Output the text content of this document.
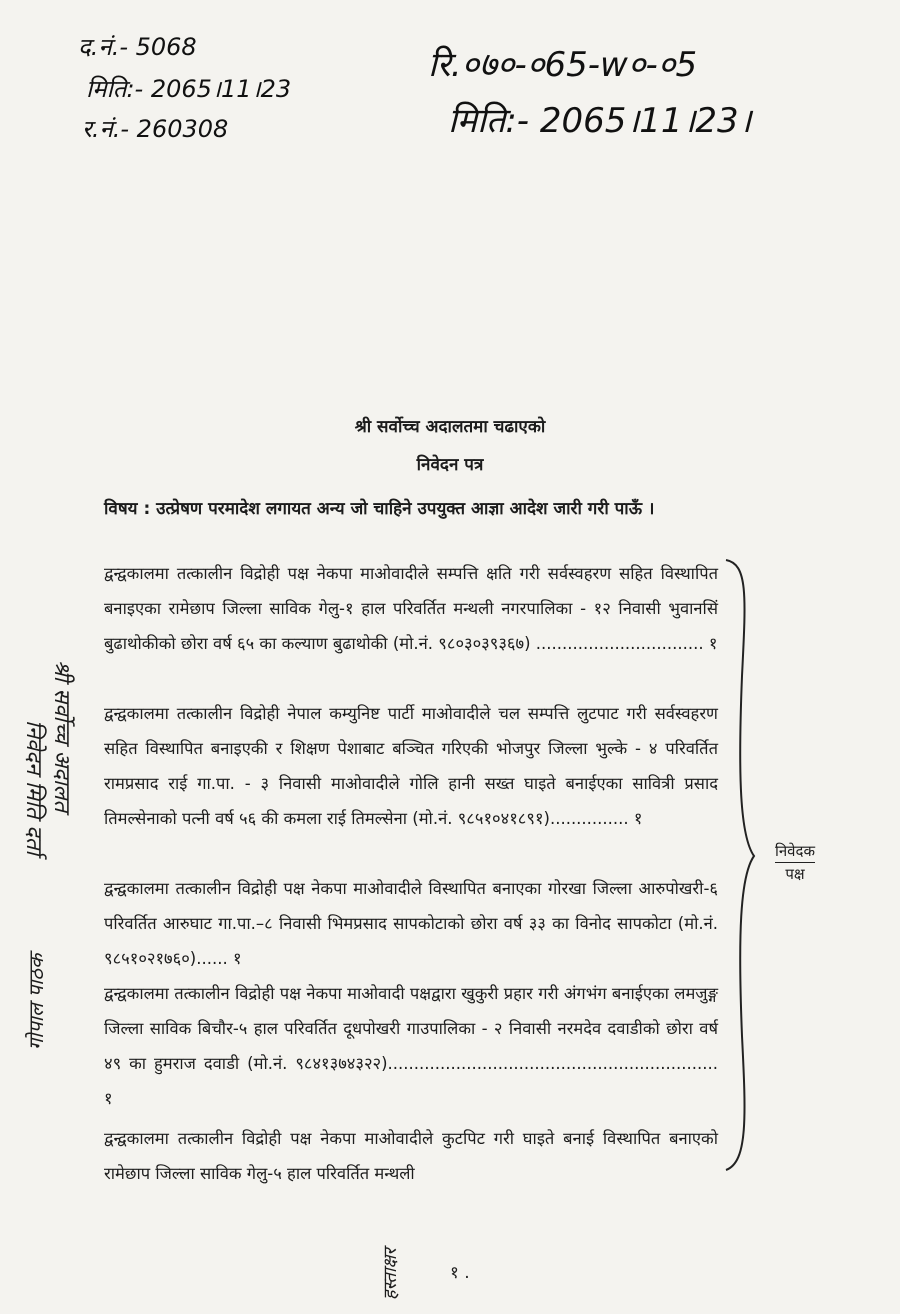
द.नं.- 5068
मिति:- 2065।11।23
र.नं.- 260308
रि.०७०-०65-w०-०5
मिति:- 2065।11।23।
श्री सर्वोच्च अदालतमा चढाएको
निवेदन पत्र
विषय : उत्प्रेषण परमादेश लगायत अन्य जो चाहिने उपयुक्त आज्ञा आदेश जारी गरी पाऊँ ।
द्वन्द्वकालमा तत्कालीन विद्रोही पक्ष नेकपा माओवादीले सम्पत्ति क्षति गरी सर्वस्वहरण सहित विस्थापित बनाइएका रामेछाप जिल्ला साविक गेलु-१ हाल परिवर्तित मन्थली नगरपालिका - १२ निवासी भुवानसिं बुढाथोकीको छोरा वर्ष ६५ का कल्याण बुढाथोकी (मो.नं. ९८०३०३९३६७) ................................ १
द्वन्द्वकालमा तत्कालीन विद्रोही नेपाल कम्युनिष्ट पार्टी माओवादीले चल सम्पत्ति लुटपाट गरी सर्वस्वहरण सहित विस्थापित बनाइएकी र शिक्षण पेशाबाट बञ्चित गरिएकी भोजपुर जिल्ला भुल्के - ४ परिवर्तित रामप्रसाद राई गा.पा. - ३ निवासी माओवादीले गोलि हानी सख्त घाइते बनाईएका सावित्री प्रसाद तिमल्सेनाको पत्नी वर्ष ५६ की कमला राई तिमल्सेना (मो.नं. ९८५१०४१८९१)............... १
द्वन्द्वकालमा तत्कालीन विद्रोही पक्ष नेकपा माओवादीले विस्थापित बनाएका गोरखा जिल्ला आरुपोखरी-६ परिवर्तित आरुघाट गा.पा.–८ निवासी भिमप्रसाद सापकोटाको छोरा वर्ष ३३ का विनोद सापकोटा (मो.नं. ९८५१०२१७६०)...... १
द्वन्द्वकालमा तत्कालीन विद्रोही पक्ष नेकपा माओवादी पक्षद्वारा खुकुरी प्रहार गरी अंगभंग बनाईएका लमजुङ्ग जिल्ला साविक बिचौर-५ हाल परिवर्तित दूधपोखरी गाउपालिका - २ निवासी नरमदेव दवाडीको छोरा वर्ष ४९ का हुमराज दवाडी (मो.नं. ९८४१३७४३२२)............................................................... १
द्वन्द्वकालमा तत्कालीन विद्रोही पक्ष नेकपा माओवादीले कुटपिट गरी घाइते बनाई विस्थापित बनाएको रामेछाप जिल्ला साविक गेलु-५ हाल परिवर्तित मन्थली
निवेदक
पक्ष
श्री सर्वोच्च अदालत
निवेदन मिति दर्ता
गोपाल पाठक
हस्ताक्षर	१ .
